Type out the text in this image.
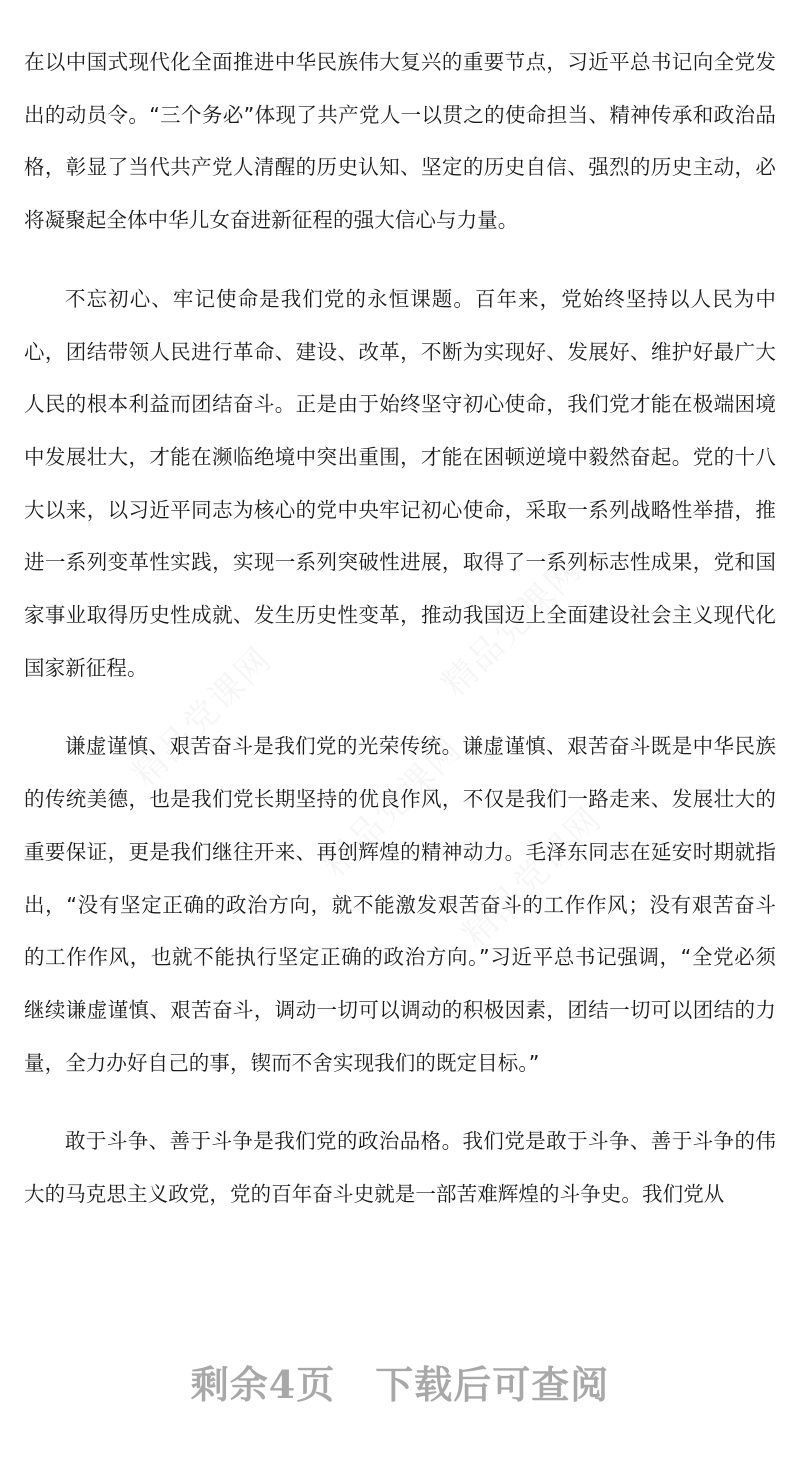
精品党课网
精品党课网
精品党课网
精品党课网

在以中国式现代化全面推进中华民族伟大复兴的重要节点，习近平总书记向全党发出的动员令。“三个务必”体现了共产党人一以贯之的使命担当、精神传承和政治品格，彰显了当代共产党人清醒的历史认知、坚定的历史自信、强烈的历史主动，必将凝聚起全体中华儿女奋进新征程的强大信心与力量。

不忘初心、牢记使命是我们党的永恒课题。百年来，党始终坚持以人民为中心，团结带领人民进行革命、建设、改革，不断为实现好、发展好、维护好最广大人民的根本利益而团结奋斗。正是由于始终坚守初心使命，我们党才能在极端困境中发展壮大，才能在濒临绝境中突出重围，才能在困顿逆境中毅然奋起。党的十八大以来，以习近平同志为核心的党中央牢记初心使命，采取一系列战略性举措，推进一系列变革性实践，实现一系列突破性进展，取得了一系列标志性成果，党和国家事业取得历史性成就、发生历史性变革，推动我国迈上全面建设社会主义现代化国家新征程。

谦虚谨慎、艰苦奋斗是我们党的光荣传统。谦虚谨慎、艰苦奋斗既是中华民族的传统美德，也是我们党长期坚持的优良作风，不仅是我们一路走来、发展壮大的重要保证，更是我们继往开来、再创辉煌的精神动力。毛泽东同志在延安时期就指出，“没有坚定正确的政治方向，就不能激发艰苦奋斗的工作作风；没有艰苦奋斗的工作作风，也就不能执行坚定正确的政治方向。”习近平总书记强调，“全党必须继续谦虚谨慎、艰苦奋斗，调动一切可以调动的积极因素，团结一切可以团结的力量，全力办好自己的事，锲而不舍实现我们的既定目标。”

敢于斗争、善于斗争是我们党的政治品格。我们党是敢于斗争、善于斗争的伟大的马克思主义政党，党的百年奋斗史就是一部苦难辉煌的斗争史。我们党从

剩余4页 下载后可查阅
